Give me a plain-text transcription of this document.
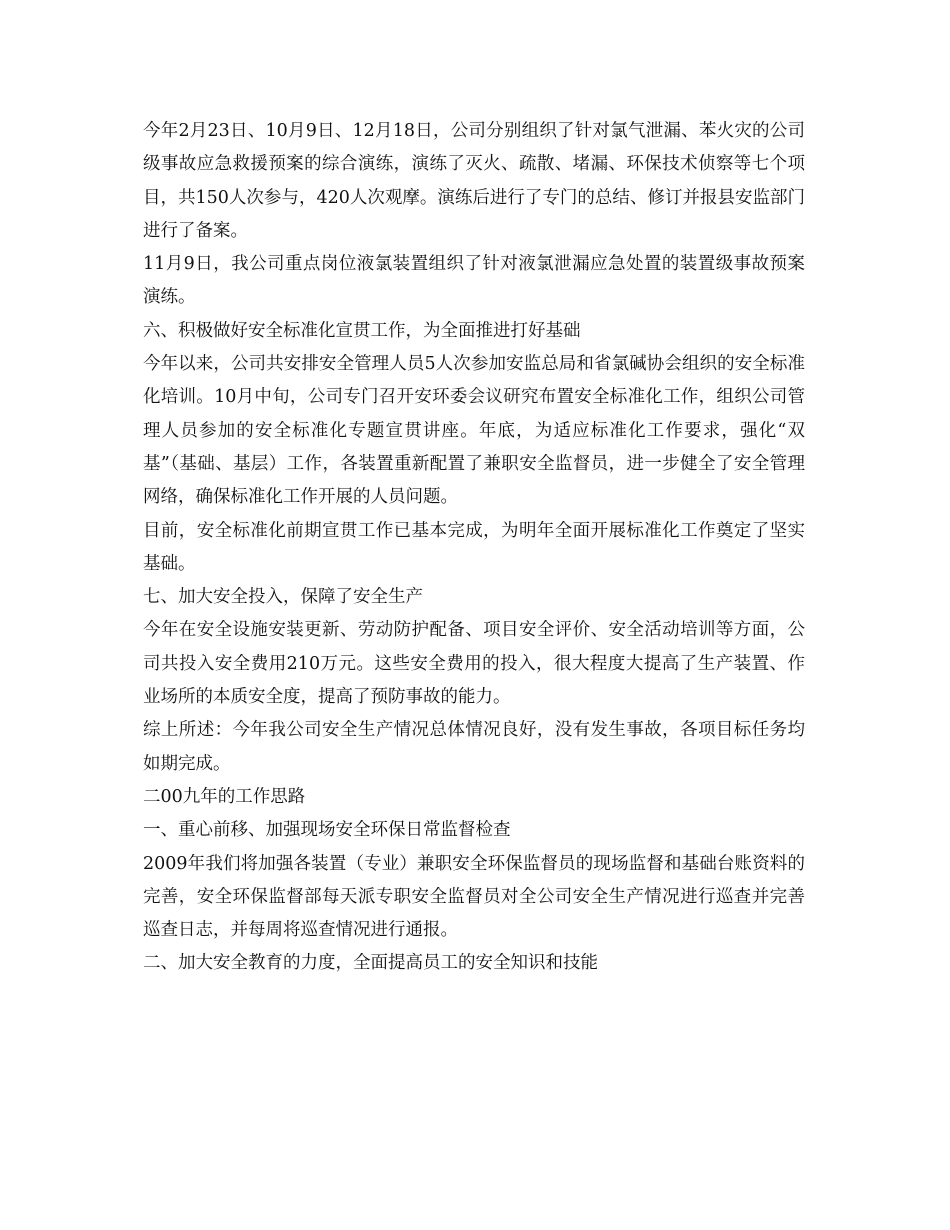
今年2月23日、10月9日、12月18日，公司分别组织了针对氯气泄漏、苯火灾的公司级事故应急救援预案的综合演练，演练了灭火、疏散、堵漏、环保技术侦察等七个项目，共150人次参与，420人次观摩。演练后进行了专门的总结、修订并报县安监部门进行了备案。

11月9日，我公司重点岗位液氯装置组织了针对液氯泄漏应急处置的装置级事故预案演练。

六、积极做好安全标准化宣贯工作，为全面推进打好基础

今年以来，公司共安排安全管理人员5人次参加安监总局和省氯碱协会组织的安全标准化培训。10月中旬，公司专门召开安环委会议研究布置安全标准化工作，组织公司管理人员参加的安全标准化专题宣贯讲座。年底，为适应标准化工作要求，强化“双基”（基础、基层）工作，各装置重新配置了兼职安全监督员，进一步健全了安全管理网络，确保标准化工作开展的人员问题。

目前，安全标准化前期宣贯工作已基本完成，为明年全面开展标准化工作奠定了坚实基础。

七、加大安全投入，保障了安全生产

今年在安全设施安装更新、劳动防护配备、项目安全评价、安全活动培训等方面，公司共投入安全费用210万元。这些安全费用的投入，很大程度大提高了生产装置、作业场所的本质安全度，提高了预防事故的能力。

综上所述：今年我公司安全生产情况总体情况良好，没有发生事故，各项目标任务均如期完成。

二00九年的工作思路

一、重心前移、加强现场安全环保日常监督检查

2009年我们将加强各装置（专业）兼职安全环保监督员的现场监督和基础台账资料的完善，安全环保监督部每天派专职安全监督员对全公司安全生产情况进行巡查并完善巡查日志，并每周将巡查情况进行通报。

二、加大安全教育的力度，全面提高员工的安全知识和技能
